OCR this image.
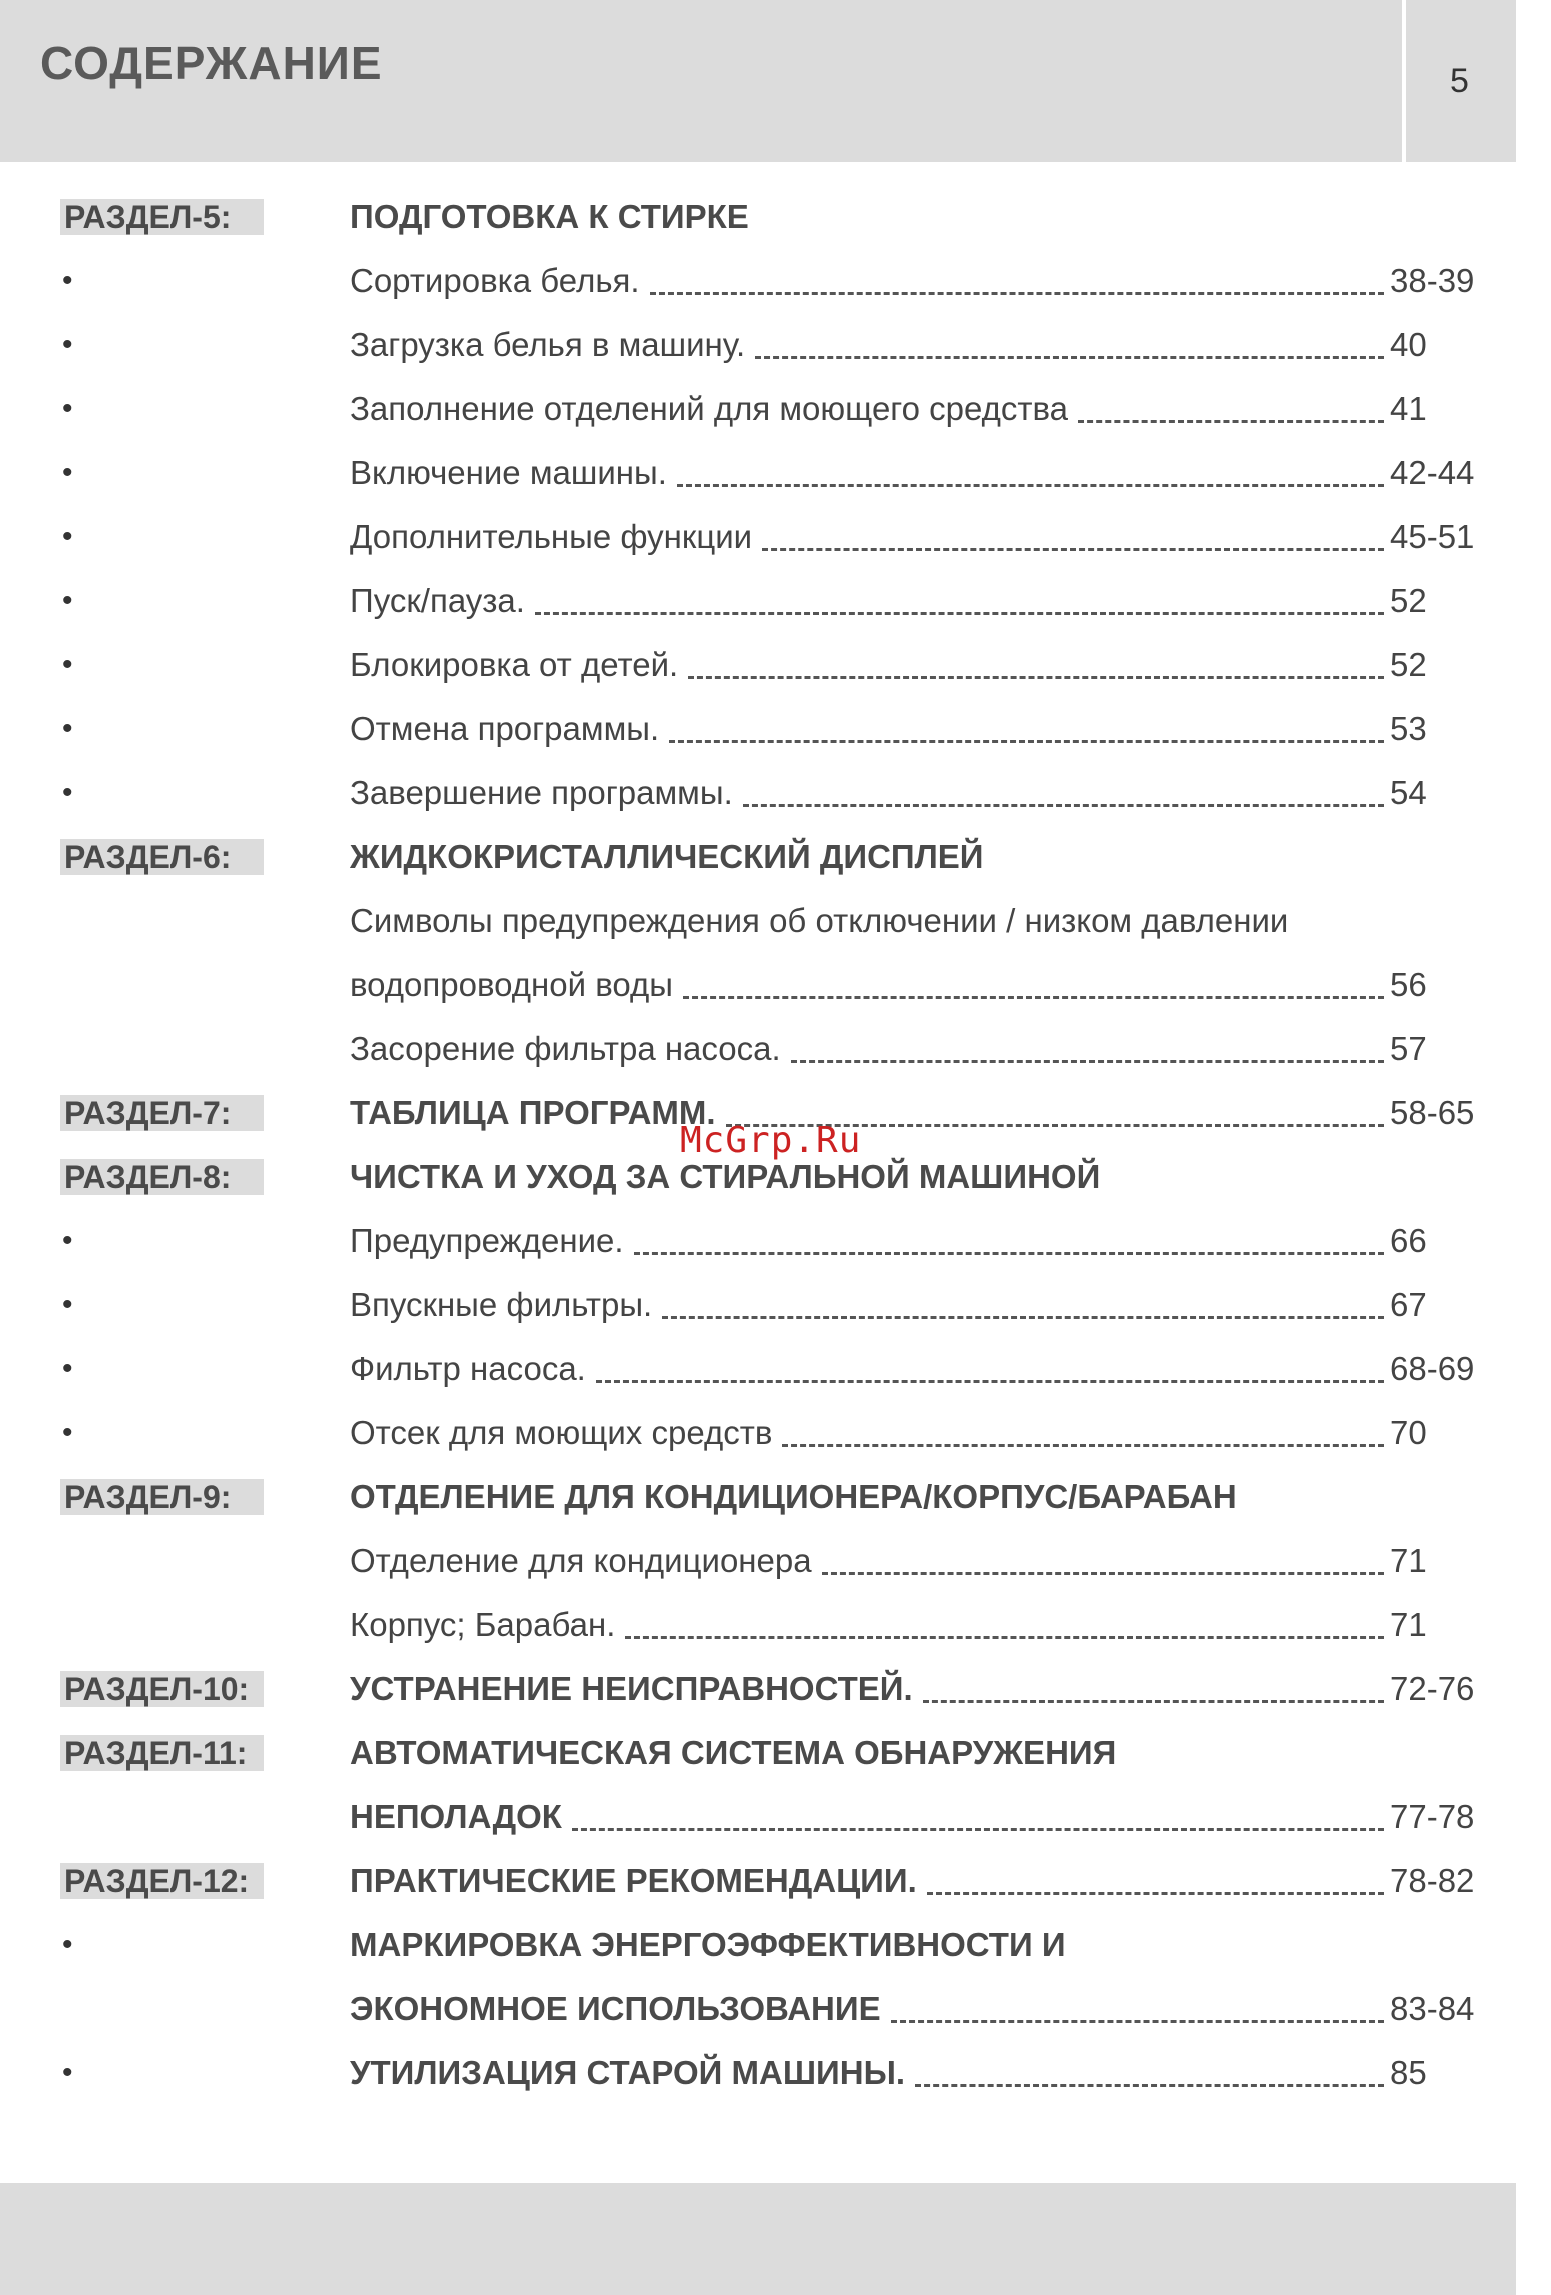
СОДЕРЖАНИЕ	5
РАЗДЕЛ-5:	ПОДГОТОВКА К СТИРКЕ
•	Сортировка белья.	38-39
•	Загрузка белья в машину.	40
•	Заполнение отделений для моющего средства	41
•	Включение машины.	42-44
•	Дополнительные функции	45-51
•	Пуск/пауза.	52
•	Блокировка от детей.	52
•	Отмена программы.	53
•	Завершение программы.	54
РАЗДЕЛ-6:	ЖИДКОКРИСТАЛЛИЧЕСКИЙ ДИСПЛЕЙ
Символы предупреждения об отключении / низком давлении
водопроводной воды	56
Засорение фильтра насоса.	57
РАЗДЕЛ-7:	ТАБЛИЦА ПРОГРАММ.	58-65
РАЗДЕЛ-8:	ЧИСТКА И УХОД ЗА СТИРАЛЬНОЙ МАШИНОЙ
•	Предупреждение.	66
•	Впускные фильтры.	67
•	Фильтр насоса.	68-69
•	Отсек для моющих средств	70
РАЗДЕЛ-9:	ОТДЕЛЕНИЕ ДЛЯ КОНДИЦИОНЕРА/КОРПУС/БАРАБАН
Отделение для кондиционера	71
Корпус; Барабан.	71
РАЗДЕЛ-10:	УСТРАНЕНИЕ НЕИСПРАВНОСТЕЙ.	72-76
РАЗДЕЛ-11:	АВТОМАТИЧЕСКАЯ СИСТЕМА ОБНАРУЖЕНИЯ
НЕПОЛАДОК	77-78
РАЗДЕЛ-12:	ПРАКТИЧЕСКИЕ РЕКОМЕНДАЦИИ.	78-82
•	МАРКИРОВКА ЭНЕРГОЭФФЕКТИВНОСТИ И
ЭКОНОМНОЕ ИСПОЛЬЗОВАНИЕ	83-84
•	УТИЛИЗАЦИЯ СТАРОЙ МАШИНЫ.	85
McGrp.Ru
